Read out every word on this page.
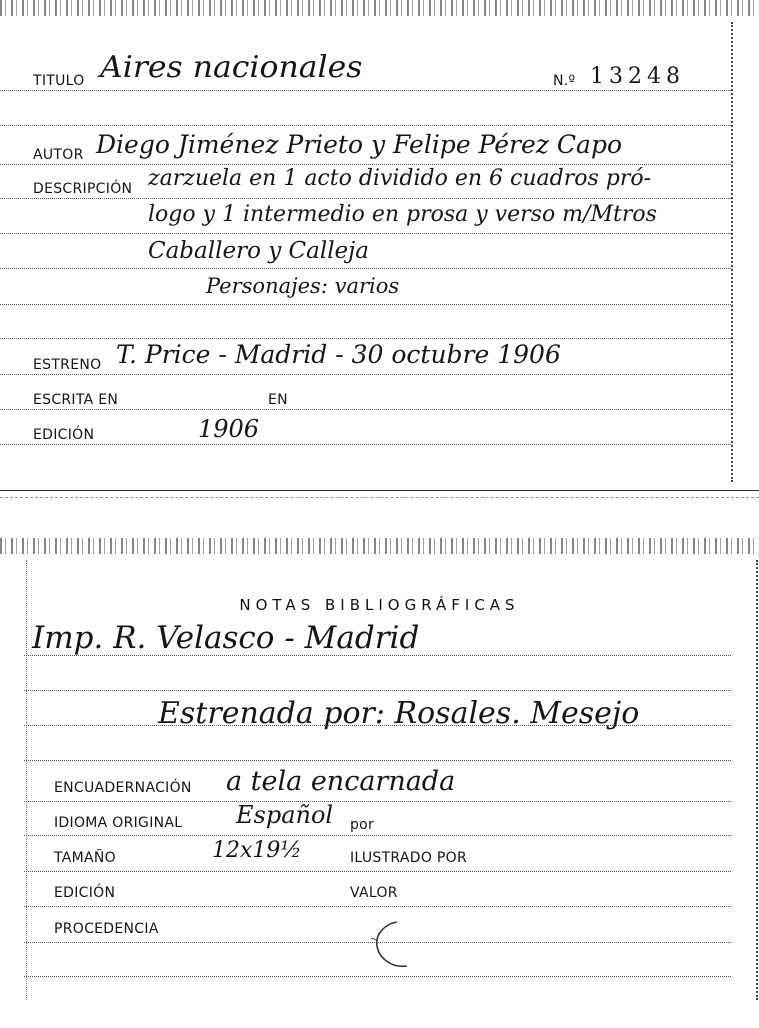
TITULO Aires nacionales	N.º 13248
AUTOR Diego Jiménez Prieto y Felipe Pérez Capo
DESCRIPCIÓN zarzuela en 1 acto dividido en 6 cuadros pró-
logo y 1 intermedio en prosa y verso m/Mtros
Caballero y Calleja
Personajes: varios
ESTRENO T. Price - Madrid - 30 octubre 1906
ESCRITA EN	EN
EDICIÓN	1906
NOTAS BIBLIOGRÁFICAS
Imp. R. Velasco - Madrid
Estrenada por: Rosales. Mesejo
ENCUADERNACIÓN a tela encarnada
IDIOMA ORIGINAL Español por
TAMAÑO	12x19½	ILUSTRADO POR
EDICIÓN	VALOR
PROCEDENCIA
